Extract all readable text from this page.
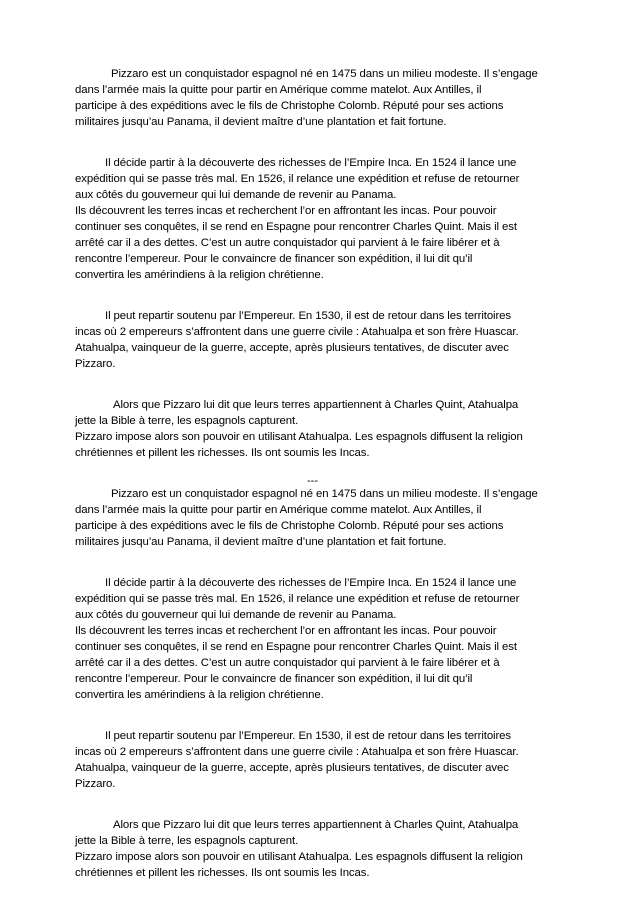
Pizzaro est un conquistador espagnol né en 1475 dans un milieu modeste. Il s’engage
dans l’armée mais la quitte pour partir en Amérique comme matelot. Aux Antilles, il
participe à des expéditions avec le fils de Christophe Colomb. Réputé pour ses actions
militaires jusqu’au Panama, il devient maître d’une plantation et fait fortune.
Il décide partir à la découverte des richesses de l’Empire Inca. En 1524 il lance une
expédition qui se passe très mal. En 1526, il relance une expédition et refuse de retourner
aux côtés du gouverneur qui lui demande de revenir au Panama.
Ils découvrent les terres incas et recherchent l’or en affrontant les incas. Pour pouvoir
continuer ses conquêtes, il se rend en Espagne pour rencontrer Charles Quint. Mais il est
arrêté car il a des dettes. C’est un autre conquistador qui parvient à le faire libérer et à
rencontre l’empereur. Pour le convaincre de financer son expédition, il lui dit qu’il
convertira les amérindiens à la religion chrétienne.
Il peut repartir soutenu par l’Empereur. En 1530, il est de retour dans les territoires
incas où 2 empereurs s’affrontent dans une guerre civile : Atahualpa et son frère Huascar.
Atahualpa, vainqueur de la guerre, accepte, après plusieurs tentatives, de discuter avec
Pizzaro.
Alors que Pizzaro lui dit que leurs terres appartiennent à Charles Quint, Atahualpa
jette la Bible à terre, les espagnols capturent.
Pizzaro impose alors son pouvoir en utilisant Atahualpa. Les espagnols diffusent la religion
chrétiennes et pillent les richesses. Ils ont soumis les Incas.
---
Pizzaro est un conquistador espagnol né en 1475 dans un milieu modeste. Il s’engage
dans l’armée mais la quitte pour partir en Amérique comme matelot. Aux Antilles, il
participe à des expéditions avec le fils de Christophe Colomb. Réputé pour ses actions
militaires jusqu’au Panama, il devient maître d’une plantation et fait fortune.
Il décide partir à la découverte des richesses de l’Empire Inca. En 1524 il lance une
expédition qui se passe très mal. En 1526, il relance une expédition et refuse de retourner
aux côtés du gouverneur qui lui demande de revenir au Panama.
Ils découvrent les terres incas et recherchent l’or en affrontant les incas. Pour pouvoir
continuer ses conquêtes, il se rend en Espagne pour rencontrer Charles Quint. Mais il est
arrêté car il a des dettes. C’est un autre conquistador qui parvient à le faire libérer et à
rencontre l’empereur. Pour le convaincre de financer son expédition, il lui dit qu’il
convertira les amérindiens à la religion chrétienne.
Il peut repartir soutenu par l’Empereur. En 1530, il est de retour dans les territoires
incas où 2 empereurs s’affrontent dans une guerre civile : Atahualpa et son frère Huascar.
Atahualpa, vainqueur de la guerre, accepte, après plusieurs tentatives, de discuter avec
Pizzaro.
Alors que Pizzaro lui dit que leurs terres appartiennent à Charles Quint, Atahualpa
jette la Bible à terre, les espagnols capturent.
Pizzaro impose alors son pouvoir en utilisant Atahualpa. Les espagnols diffusent la religion
chrétiennes et pillent les richesses. Ils ont soumis les Incas.
